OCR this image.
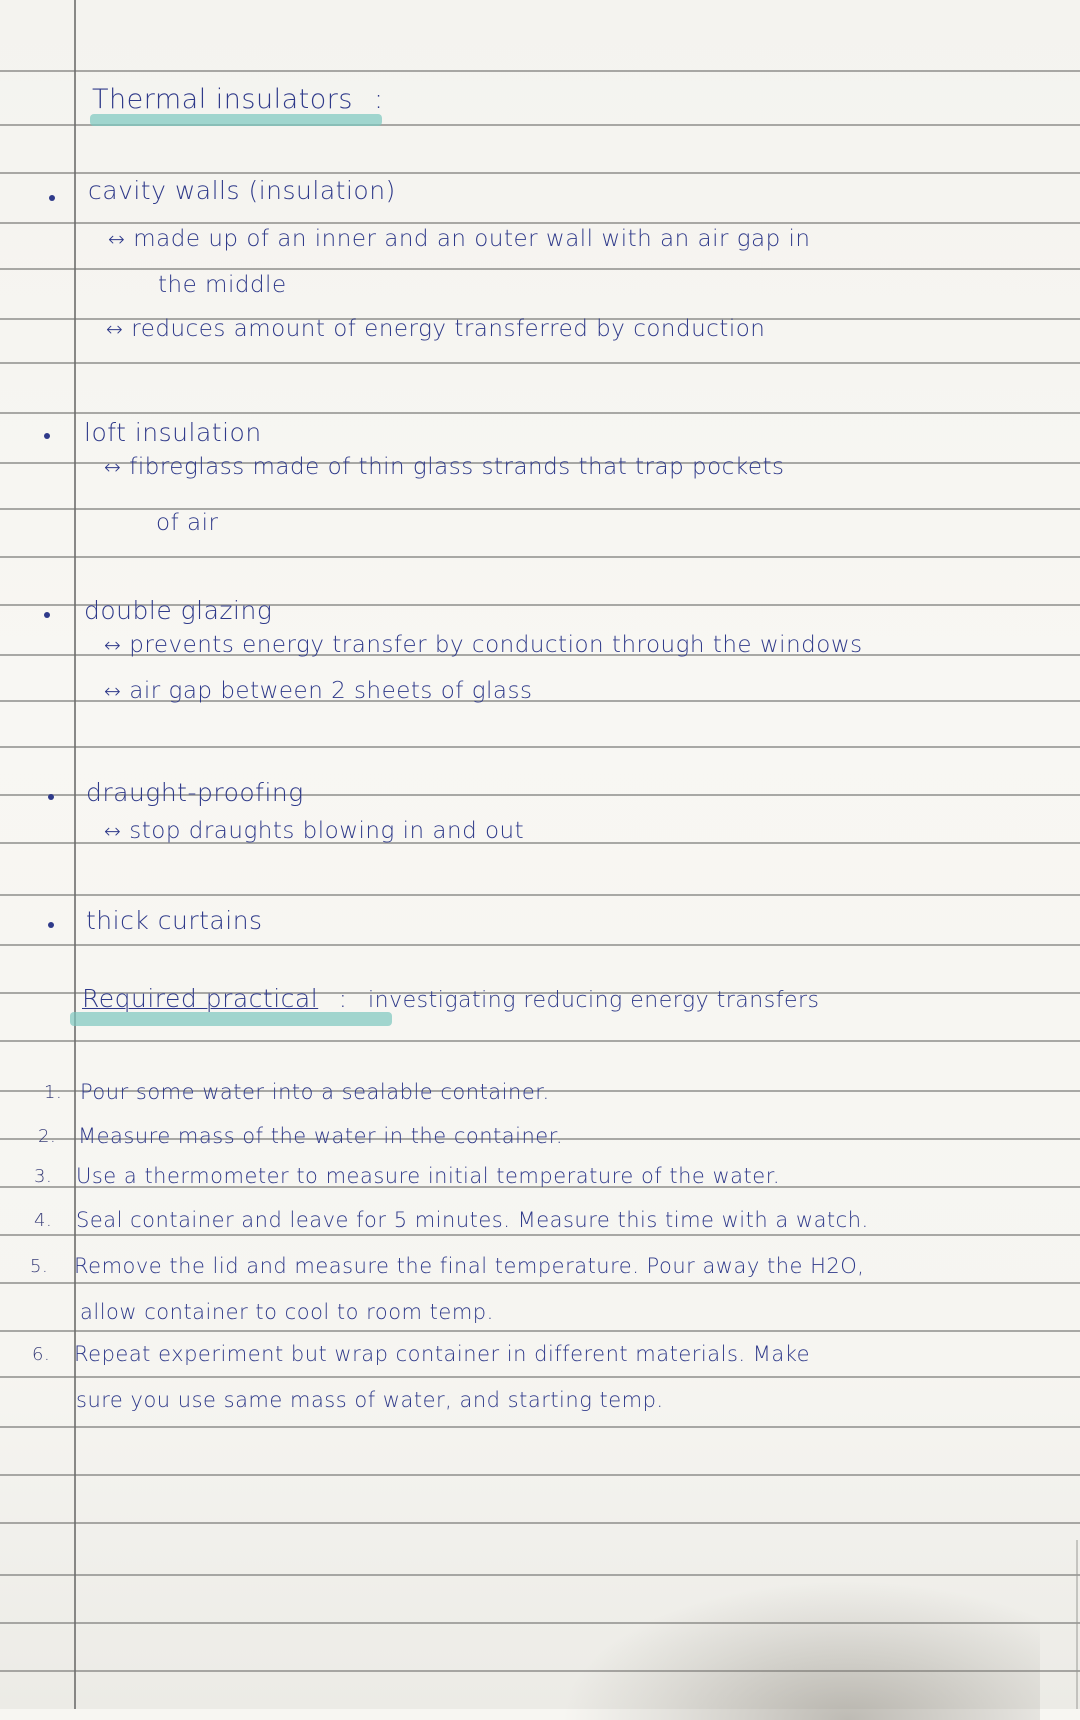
Thermal insulators :
cavity walls (insulation)
↔ made up of an inner and an outer wall with an air gap in
the middle
↔ reduces amount of energy transferred by conduction
loft insulation
↔ fibreglass made of thin glass strands that trap pockets
of air
double glazing
↔ prevents energy transfer by conduction through the windows
↔ air gap between 2 sheets of glass
draught-proofing
↔ stop draughts blowing in and out
thick curtains
Required practical : investigating reducing energy transfers
1. Pour some water into a sealable container.
2. Measure mass of the water in the container.
3. Use a thermometer to measure initial temperature of the water.
4. Seal container and leave for 5 minutes. Measure this time with a watch.
5. Remove the lid and measure the final temperature. Pour away the H2O,
allow container to cool to room temp.
6. Repeat experiment but wrap container in different materials. Make
sure you use same mass of water, and starting temp.
